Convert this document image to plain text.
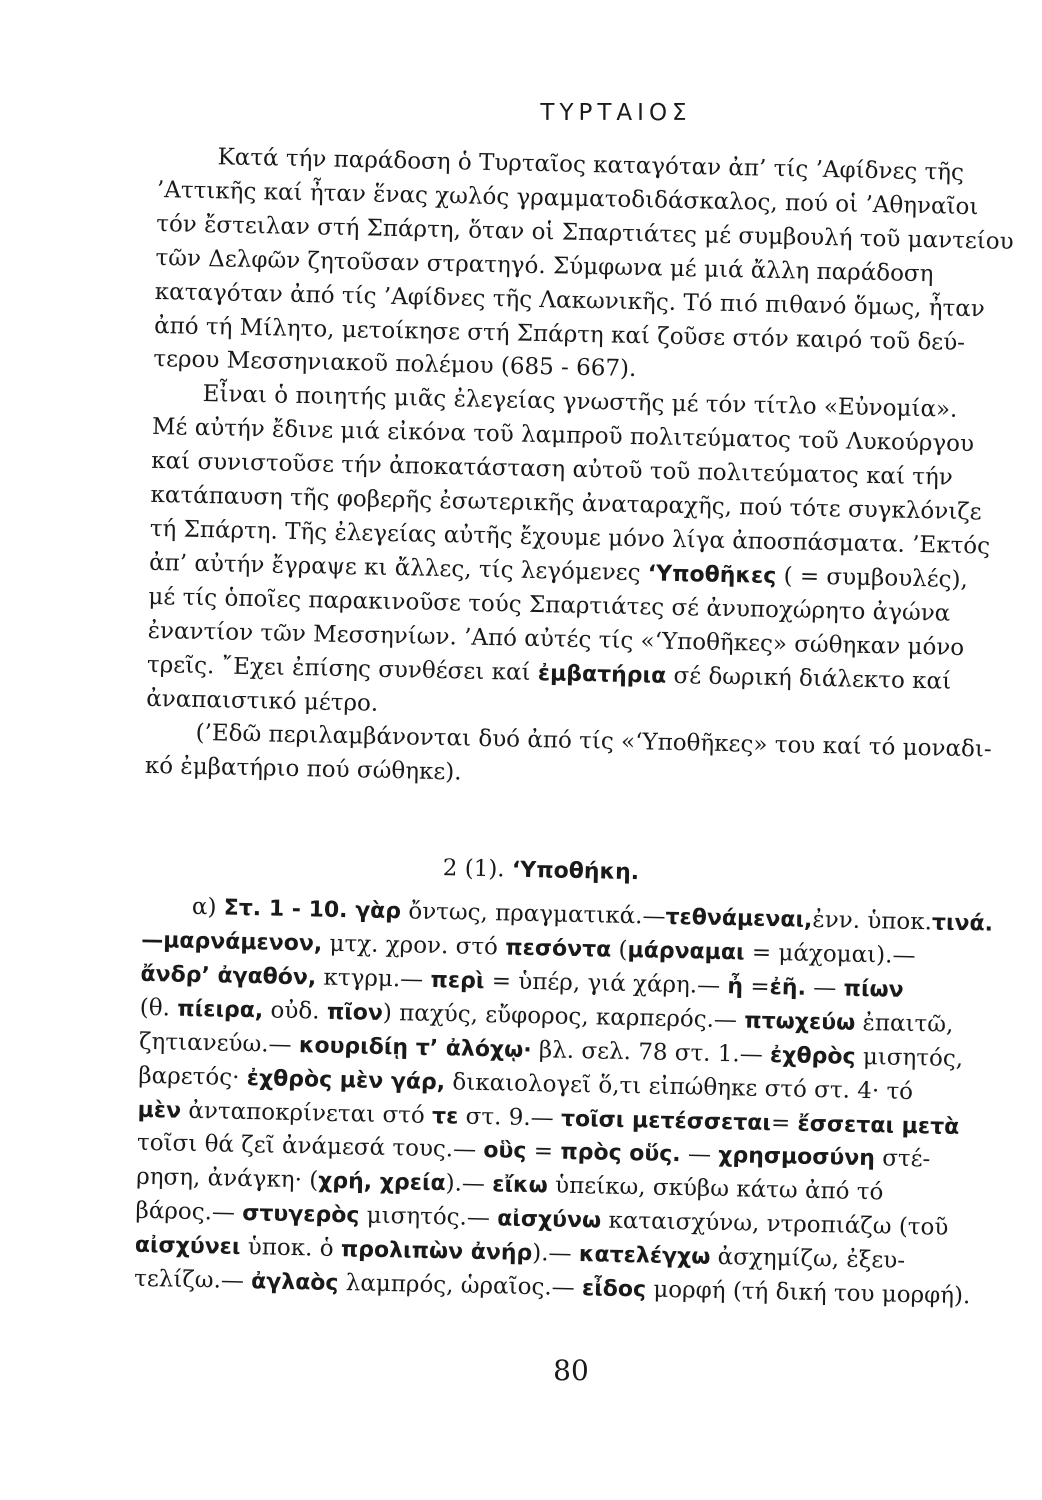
ΤΥΡΤΑΙΟΣ
Κατά τήν παράδοση ὁ Τυρταῖος καταγόταν ἀπ’ τίς ’Αφίδνες τῆς
’Αττικῆς καί ἦταν ἕνας χωλός γραμματοδιδάσκαλος, πού οἱ ’Αθηναῖοι
τόν ἔστειλαν στή Σπάρτη, ὅταν οἱ Σπαρτιάτες μέ συμβουλή τοῦ μαντείου
τῶν Δελφῶν ζητοῦσαν στρατηγό. Σύμφωνα μέ μιά ἄλλη παράδοση
καταγόταν ἀπό τίς ’Αφίδνες τῆς Λακωνικῆς. Τό πιό πιθανό ὅμως, ἦταν
ἀπό τή Μίλητο, μετοίκησε στή Σπάρτη καί ζοῦσε στόν καιρό τοῦ δεύ-
τερου Μεσσηνιακοῦ πολέμου (685 - 667).
Εἶναι ὁ ποιητής μιᾶς ἐλεγείας γνωστῆς μέ τόν τίτλο «Εὐνομία».
Μέ αὐτήν ἔδινε μιά εἰκόνα τοῦ λαμπροῦ πολιτεύματος τοῦ Λυκούργου
καί συνιστοῦσε τήν ἀποκατάσταση αὐτοῦ τοῦ πολιτεύματος καί τήν
κατάπαυση τῆς φοβερῆς ἐσωτερικῆς ἀναταραχῆς, πού τότε συγκλόνιζε
τή Σπάρτη. Τῆς ἐλεγείας αὐτῆς ἔχουμε μόνο λίγα ἀποσπάσματα. ’Εκτός
ἀπ’ αὐτήν ἔγραψε κι ἄλλες, τίς λεγόμενες ‘Υποθῆκες ( = συμβουλές),
μέ τίς ὁποῖες παρακινοῦσε τούς Σπαρτιάτες σέ ἀνυποχώρητο ἀγώνα
ἐναντίον τῶν Μεσσηνίων. ’Από αὐτές τίς «‘Υποθῆκες» σώθηκαν μόνο
τρεῖς. ῎Εχει ἐπίσης συνθέσει καί ἐμβατήρια σέ δωρική διάλεκτο καί
ἀναπαιστικό μέτρο.
(’Εδῶ περιλαμβάνονται δυό ἀπό τίς «‘Υποθῆκες» του καί τό μοναδι-
κό ἐμβατήριο πού σώθηκε).
2 (1). ‘Υποθήκη.
α) Στ. 1 - 10. γὰρ ὄντως, πραγματικά.—τεθνάμεναι,ἐνν. ὑποκ.τινά.
—μαρνάμενον, μτχ. χρον. στό πεσόντα (μάρναμαι = μάχομαι).—
ἄνδρ’ ἀγαθόν, κτγρμ.— περὶ = ὑπέρ, γιά χάρη.— ἦ =ἐῆ. — πίων
(θ. πίειρα, οὐδ. πῖον) παχύς, εὔφορος, καρπερός.— πτωχεύω ἐπαιτῶ,
ζητιανεύω.— κουριδίῃ τ’ ἀλόχῳ· βλ. σελ. 78 στ. 1.— ἐχθρὸς μισητός,
βαρετός· ἐχθρὸς μὲν γάρ, δικαιολογεῖ ὅ,τι εἰπώθηκε στό στ. 4· τό
μὲν ἀνταποκρίνεται στό τε στ. 9.— τοῖσι μετέσσεται= ἔσσεται μετὰ
τοῖσι θά ζεῖ ἀνάμεσά τους.— οὓς = πρὸς οὕς. — χρησμοσύνη στέ-
ρηση, ἀνάγκη· (χρή, χρεία).— εἴκω ὑπείκω, σκύβω κάτω ἀπό τό
βάρος.— στυγερὸς μισητός.— αἰσχύνω καταισχύνω, ντροπιάζω (τοῦ
αἰσχύνει ὑποκ. ὁ προλιπὼν ἀνήρ).— κατελέγχω ἀσχημίζω, ἐξευ-
τελίζω.— ἀγλαὸς λαμπρός, ὡραῖος.— εἶδος μορφή (τή δική του μορφή).
80
